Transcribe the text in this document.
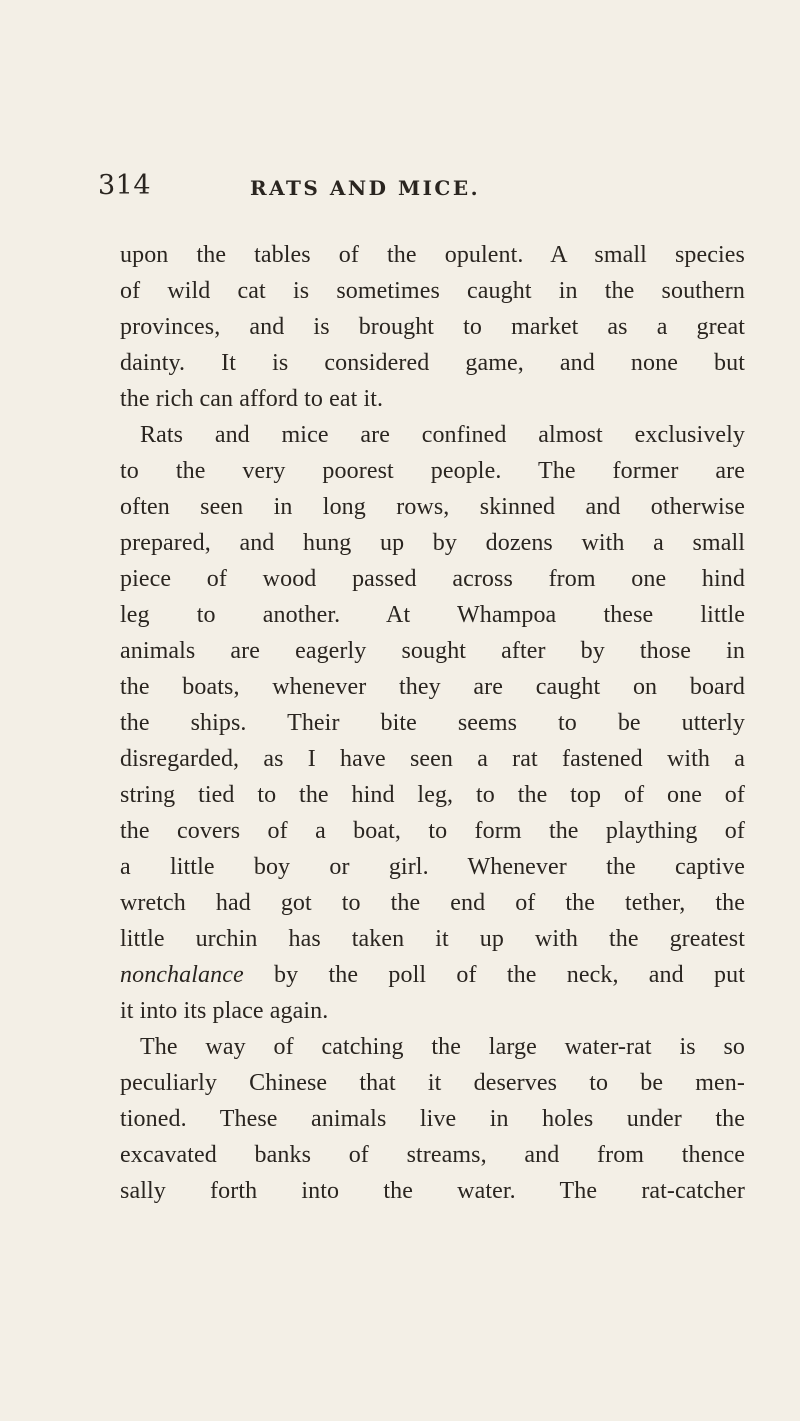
314	RATS AND MICE.
upon the tables of the opulent. A small species
of wild cat is sometimes caught in the southern
provinces, and is brought to market as a great
dainty. It is considered game, and none but
the rich can afford to eat it.
Rats and mice are confined almost exclusively
to the very poorest people. The former are
often seen in long rows, skinned and otherwise
prepared, and hung up by dozens with a small
piece of wood passed across from one hind
leg to another. At Whampoa these little
animals are eagerly sought after by those in
the boats, whenever they are caught on board
the ships. Their bite seems to be utterly
disregarded, as I have seen a rat fastened with a
string tied to the hind leg, to the top of one of
the covers of a boat, to form the plaything of
a little boy or girl. Whenever the captive
wretch had got to the end of the tether, the
little urchin has taken it up with the greatest
nonchalance by the poll of the neck, and put
it into its place again.
The way of catching the large water-rat is so
peculiarly Chinese that it deserves to be men-
tioned. These animals live in holes under the
excavated banks of streams, and from thence
sally forth into the water. The rat-catcher
